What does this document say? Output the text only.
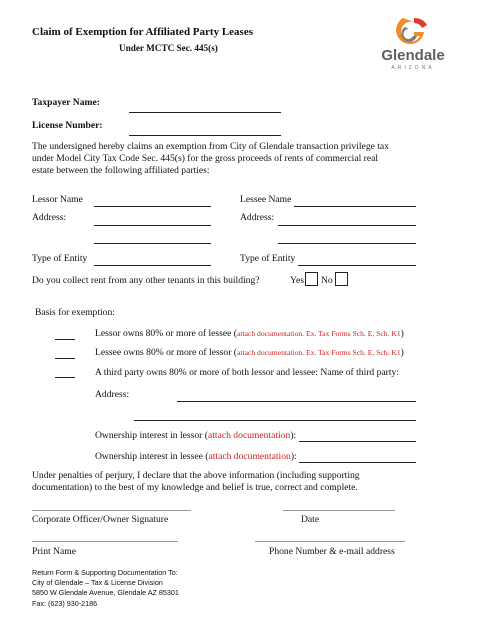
Claim of Exemption for Affiliated Party Leases
Under MCTC Sec. 445(s)	Glendale
ARIZONA
Taxpayer Name:
License Number:
The undersigned hereby claims an exemption from City of Glendale transaction privilege tax
under Model City Tax Code Sec. 445(s) for the gross proceeds of rents of commercial real
estate between the following affiliated parties:
Lessor Name	Lessee Name
Address:	Address:
Type of Entity	Type of Entity
Do you collect rent from any other tenants in this building?	Yes No
Basis for exemption:
Lessor owns 80% or more of lessee (attach documentation. Ex. Tax Forms Sch. E, Sch. K1)
Lessee owns 80% or more of lessor (attach documentation. Ex. Tax Forms Sch. E, Sch. K1)
A third party owns 80% or more of both lessor and lessee: Name of third party:
Address:
Ownership interest in lessor (attach documentation):
Ownership interest in lessee (attach documentation):
Under penalties of perjury, I declare that the above information (including supporting
documentation) to the best of my knowledge and belief is true, correct and complete.
Corporate Officer/Owner Signature	Date
Print Name	Phone Number & e-mail address
Return Form & Supporting Documentation To:
City of Glendale – Tax & License Division
5850 W Glendale Avenue, Glendale AZ 85301
Fax: (623) 930-2186
